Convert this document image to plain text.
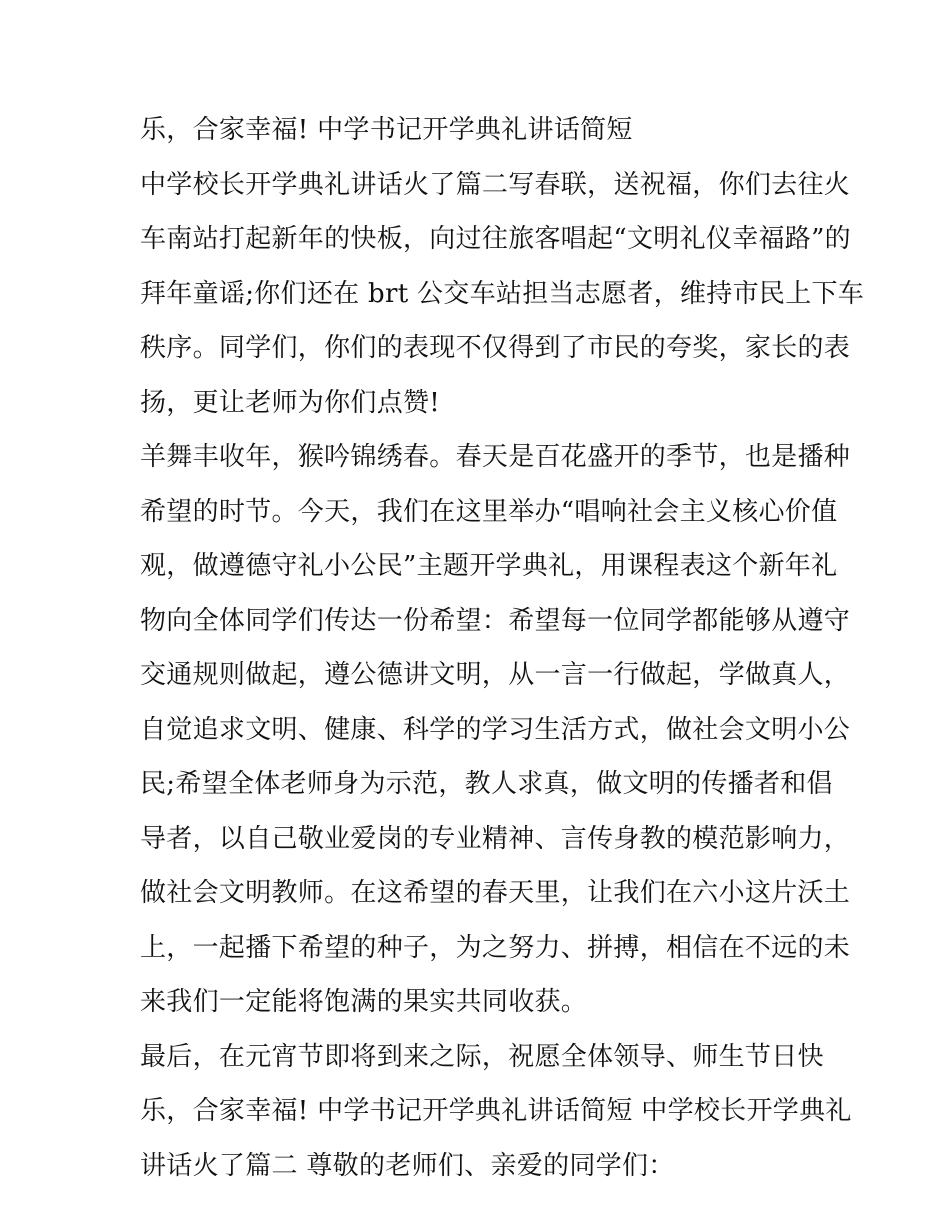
乐，合家幸福! 中学书记开学典礼讲话简短
中学校长开学典礼讲话火了篇二写春联，送祝福，你们去往火
车南站打起新年的快板，向过往旅客唱起“文明礼仪幸福路”的
拜年童谣;你们还在 brt 公交车站担当志愿者，维持市民上下车
秩序。同学们，你们的表现不仅得到了市民的夸奖，家长的表
扬，更让老师为你们点赞!
羊舞丰收年，猴吟锦绣春。春天是百花盛开的季节，也是播种
希望的时节。今天，我们在这里举办“唱响社会主义核心价值
观，做遵德守礼小公民”主题开学典礼，用课程表这个新年礼
物向全体同学们传达一份希望：希望每一位同学都能够从遵守
交通规则做起，遵公德讲文明，从一言一行做起，学做真人，
自觉追求文明、健康、科学的学习生活方式，做社会文明小公
民;希望全体老师身为示范，教人求真，做文明的传播者和倡
导者，以自己敬业爱岗的专业精神、言传身教的模范影响力，
做社会文明教师。在这希望的春天里，让我们在六小这片沃土
上，一起播下希望的种子，为之努力、拼搏，相信在不远的未
来我们一定能将饱满的果实共同收获。
最后，在元宵节即将到来之际，祝愿全体领导、师生节日快
乐，合家幸福! 中学书记开学典礼讲话简短 中学校长开学典礼
讲话火了篇二 尊敬的老师们、亲爱的同学们：
